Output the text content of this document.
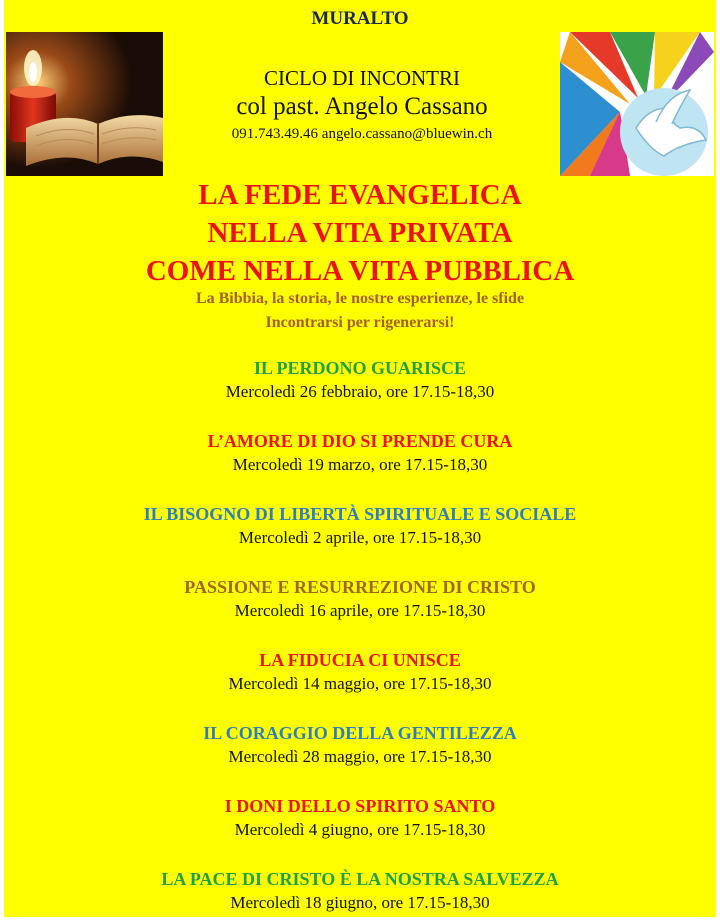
MURALTO
CICLO DI INCONTRI
col past. Angelo Cassano
091.743.49.46 angelo.cassano@bluewin.ch
LA FEDE EVANGELICA
NELLA VITA PRIVATA
COME NELLA VITA PUBBLICA
La Bibbia, la storia, le nostre esperienze, le sfide
Incontrarsi per rigenerarsi!
IL PERDONO GUARISCE
Mercoledì 26 febbraio, ore 17.15-18,30
L’AMORE DI DIO SI PRENDE CURA
Mercoledì 19 marzo, ore 17.15-18,30
IL BISOGNO DI LIBERTÀ SPIRITUALE E SOCIALE
Mercoledì 2 aprile, ore 17.15-18,30
PASSIONE E RESURREZIONE DI CRISTO
Mercoledì 16 aprile, ore 17.15-18,30
LA FIDUCIA CI UNISCE
Mercoledì 14 maggio, ore 17.15-18,30
IL CORAGGIO DELLA GENTILEZZA
Mercoledì 28 maggio, ore 17.15-18,30
I DONI DELLO SPIRITO SANTO
Mercoledì 4 giugno, ore 17.15-18,30
LA PACE DI CRISTO È LA NOSTRA SALVEZZA
Mercoledì 18 giugno, ore 17.15-18,30
